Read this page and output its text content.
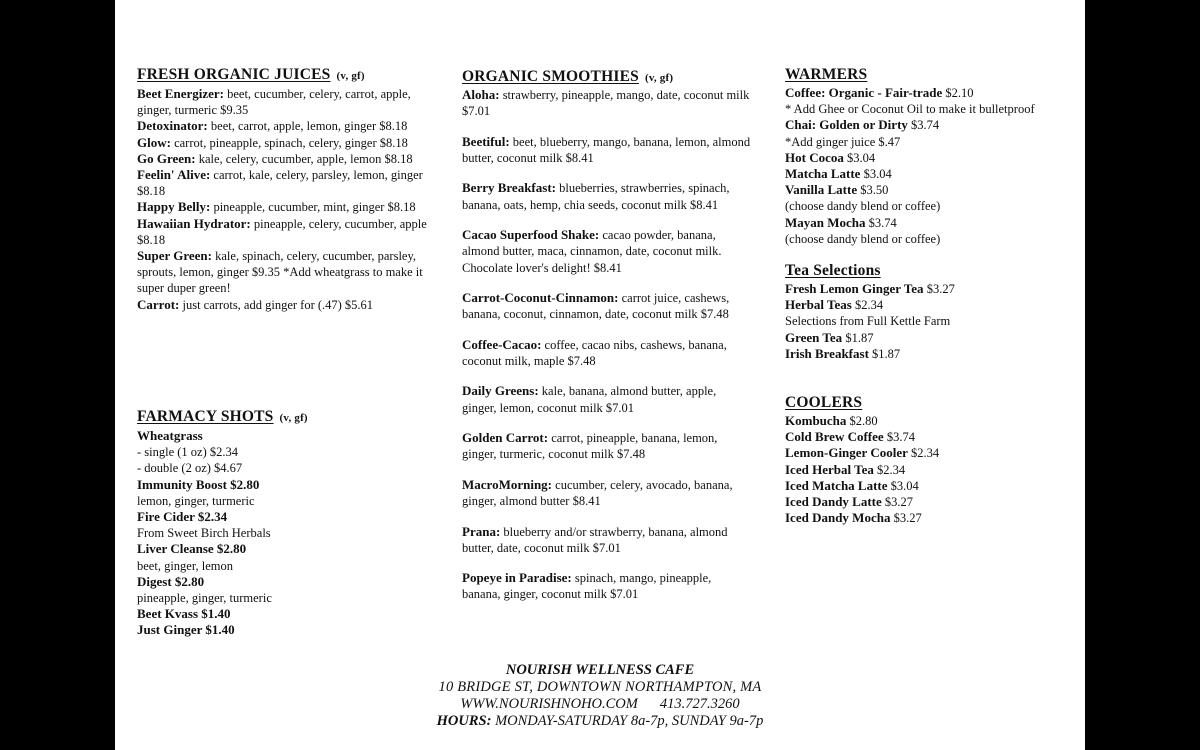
FRESH ORGANIC JUICES (v, gf)

Beet Energizer: beet, cucumber, celery, carrot, apple, ginger, turmeric $9.35

Detoxinator: beet, carrot, apple, lemon, ginger $8.18

Glow: carrot, pineapple, spinach, celery, ginger $8.18

Go Green: kale, celery, cucumber, apple, lemon $8.18

Feelin' Alive: carrot, kale, celery, parsley, lemon, ginger $8.18

Happy Belly: pineapple, cucumber, mint, ginger $8.18

Hawaiian Hydrator: pineapple, celery, cucumber, apple $8.18

Super Green: kale, spinach, celery, cucumber, parsley, sprouts, lemon, ginger $9.35 *Add wheatgrass to make it super duper green!

Carrot: just carrots, add ginger for (.47) $5.61

FARMACY SHOTS (v, gf)

Wheatgrass

- single (1 oz) $2.34

- double (2 oz) $4.67

Immunity Boost $2.80

lemon, ginger, turmeric

Fire Cider $2.34

From Sweet Birch Herbals

Liver Cleanse $2.80

beet, ginger, lemon

Digest $2.80

pineapple, ginger, turmeric

Beet Kvass $1.40

Just Ginger $1.40

ORGANIC SMOOTHIES (v, gf)

Aloha: strawberry, pineapple, mango, date, coconut milk $7.01

Beetiful: beet, blueberry, mango, banana, lemon, almond butter, coconut milk $8.41

Berry Breakfast: blueberries, strawberries, spinach, banana, oats, hemp, chia seeds, coconut milk $8.41

Cacao Superfood Shake: cacao powder, banana, almond butter, maca, cinnamon, date, coconut milk. Chocolate lover's delight! $8.41

Carrot-Coconut-Cinnamon: carrot juice, cashews, banana, coconut, cinnamon, date, coconut milk $7.48

Coffee-Cacao: coffee, cacao nibs, cashews, banana, coconut milk, maple $7.48

Daily Greens: kale, banana, almond butter, apple, ginger, lemon, coconut milk $7.01

Golden Carrot: carrot, pineapple, banana, lemon, ginger, turmeric, coconut milk $7.48

MacroMorning: cucumber, celery, avocado, banana, ginger, almond butter $8.41

Prana: blueberry and/or strawberry, banana, almond butter, date, coconut milk $7.01

Popeye in Paradise: spinach, mango, pineapple, banana, ginger, coconut milk $7.01

WARMERS

Coffee: Organic - Fair-trade $2.10

* Add Ghee or Coconut Oil to make it bulletproof

Chai: Golden or Dirty $3.74

*Add ginger juice $.47

Hot Cocoa $3.04

Matcha Latte $3.04

Vanilla Latte $3.50

(choose dandy blend or coffee)

Mayan Mocha $3.74

(choose dandy blend or coffee)

Tea Selections

Fresh Lemon Ginger Tea $3.27

Herbal Teas $2.34

Selections from Full Kettle Farm

Green Tea $1.87

Irish Breakfast $1.87

COOLERS

Kombucha $2.80

Cold Brew Coffee $3.74

Lemon-Ginger Cooler $2.34

Iced Herbal Tea $2.34

Iced Matcha Latte $3.04

Iced Dandy Latte $3.27

Iced Dandy Mocha $3.27

NOURISH WELLNESS CAFE
10 BRIDGE ST, DOWNTOWN NORTHAMPTON, MA
WWW.NOURISHNOHO.COM 413.727.3260
HOURS: MONDAY-SATURDAY 8a-7p, SUNDAY 9a-7p
